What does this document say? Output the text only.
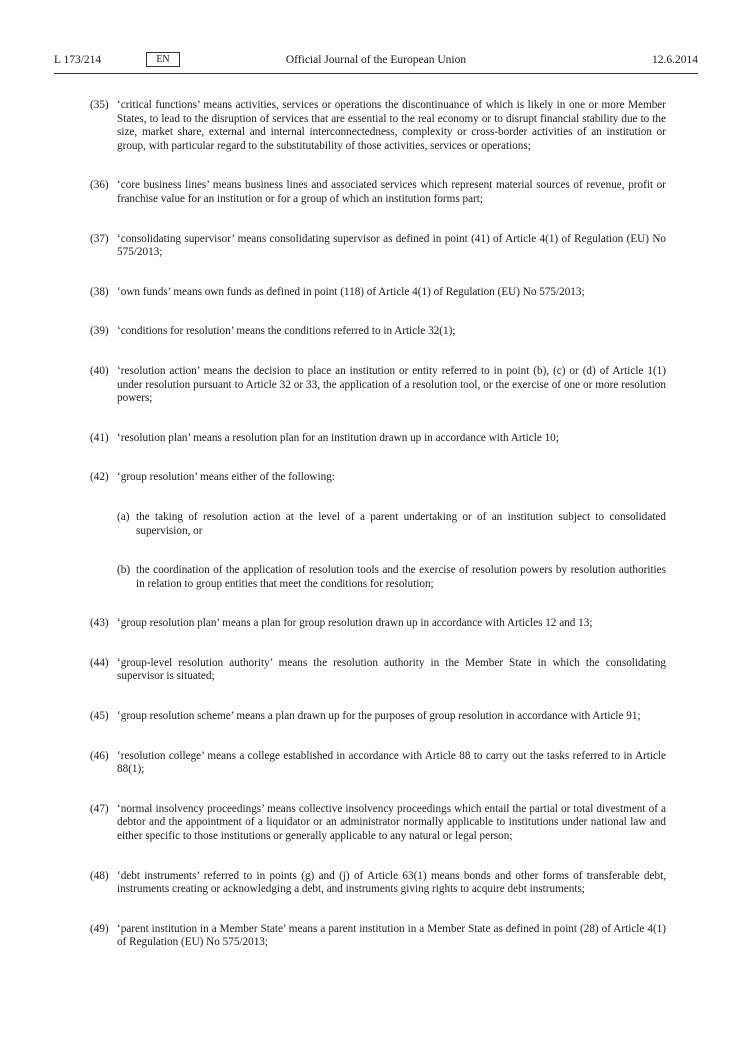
L 173/214	EN	Official Journal of the European Union	12.6.2014
(35) ‘critical functions’ means activities, services or operations the discontinuance of which is likely in one or more Member States, to lead to the disruption of services that are essential to the real economy or to disrupt financial stability due to the size, market share, external and internal interconnectedness, complexity or cross-border activities of an institution or group, with particular regard to the substitutability of those activities, services or operations;
(36) ‘core business lines’ means business lines and associated services which represent material sources of revenue, profit or franchise value for an institution or for a group of which an institution forms part;
(37) ‘consolidating supervisor’ means consolidating supervisor as defined in point (41) of Article 4(1) of Regulation (EU) No 575/2013;
(38) ‘own funds’ means own funds as defined in point (118) of Article 4(1) of Regulation (EU) No 575/2013;
(39) ‘conditions for resolution’ means the conditions referred to in Article 32(1);
(40) ‘resolution action’ means the decision to place an institution or entity referred to in point (b), (c) or (d) of Article 1(1) under resolution pursuant to Article 32 or 33, the application of a resolution tool, or the exercise of one or more resolution powers;
(41) ‘resolution plan’ means a resolution plan for an institution drawn up in accordance with Article 10;
(42) ‘group resolution’ means either of the following:
(a) the taking of resolution action at the level of a parent undertaking or of an institution subject to consolidated supervision, or
(b) the coordination of the application of resolution tools and the exercise of resolution powers by resolution authorities in relation to group entities that meet the conditions for resolution;
(43) ‘group resolution plan’ means a plan for group resolution drawn up in accordance with Articles 12 and 13;
(44) ‘group-level resolution authority’ means the resolution authority in the Member State in which the consolidating supervisor is situated;
(45) ‘group resolution scheme’ means a plan drawn up for the purposes of group resolution in accordance with Article 91;
(46) ‘resolution college’ means a college established in accordance with Article 88 to carry out the tasks referred to in Article 88(1);
(47) ‘normal insolvency proceedings’ means collective insolvency proceedings which entail the partial or total divestment of a debtor and the appointment of a liquidator or an administrator normally applicable to institutions under national law and either specific to those institutions or generally applicable to any natural or legal person;
(48) ‘debt instruments’ referred to in points (g) and (j) of Article 63(1) means bonds and other forms of transferable debt, instruments creating or acknowledging a debt, and instruments giving rights to acquire debt instruments;
(49) ‘parent institution in a Member State’ means a parent institution in a Member State as defined in point (28) of Article 4(1) of Regulation (EU) No 575/2013;
